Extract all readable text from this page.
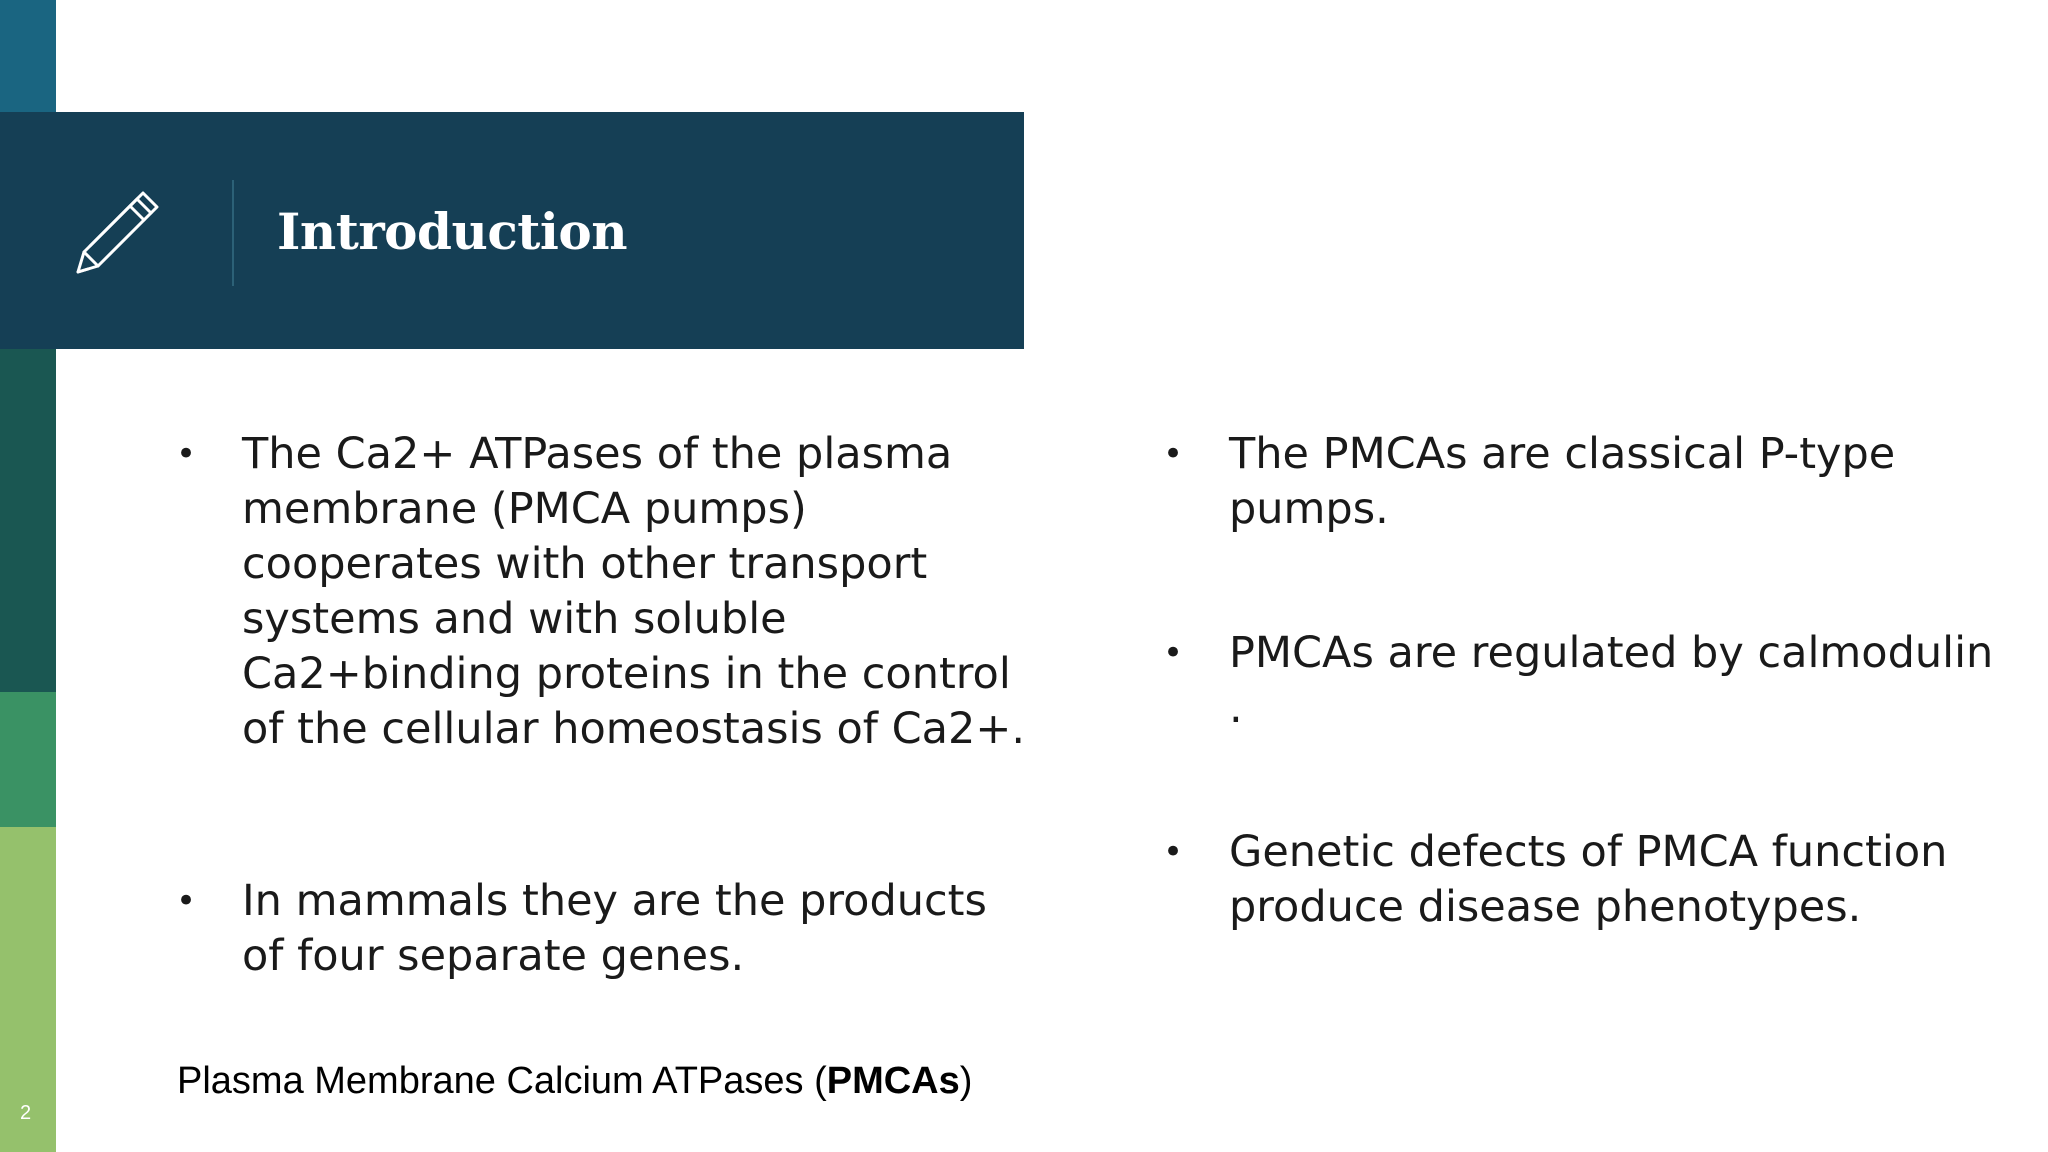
Introduction
• The Ca2+ ATPases of the plasma membrane (PMCA pumps) cooperates with other transport systems and with soluble Ca2+binding proteins in the control of the cellular homeostasis of Ca2+.
• In mammals they are the products of four separate genes.
• The PMCAs are classical P-type pumps.
• PMCAs are regulated by calmodulin .
• Genetic defects of PMCA function produce disease phenotypes.

Plasma Membrane Calcium ATPases (PMCAs)

2
